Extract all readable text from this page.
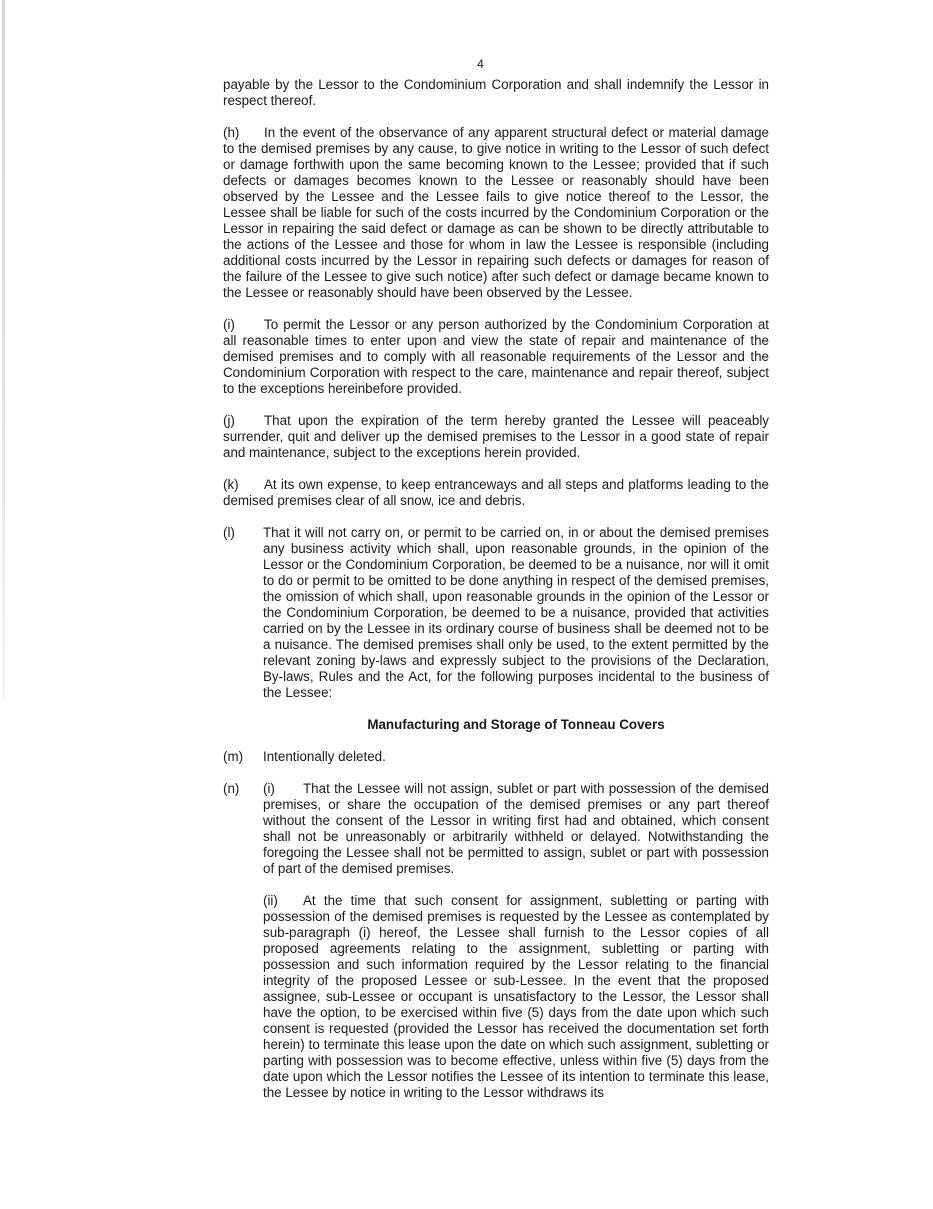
4

payable by the Lessor to the Condominium Corporation and shall indemnify the Lessor in respect thereof.

(h) In the event of the observance of any apparent structural defect or material damage to the demised premises by any cause, to give notice in writing to the Lessor of such defect or damage forthwith upon the same becoming known to the Lessee; provided that if such defects or damages becomes known to the Lessee or reasonably should have been observed by the Lessee and the Lessee fails to give notice thereof to the Lessor, the Lessee shall be liable for such of the costs incurred by the Condominium Corporation or the Lessor in repairing the said defect or damage as can be shown to be directly attributable to the actions of the Lessee and those for whom in law the Lessee is responsible (including additional costs incurred by the Lessor in repairing such defects or damages for reason of the failure of the Lessee to give such notice) after such defect or damage became known to the Lessee or reasonably should have been observed by the Lessee.

(i) To permit the Lessor or any person authorized by the Condominium Corporation at all reasonable times to enter upon and view the state of repair and maintenance of the demised premises and to comply with all reasonable requirements of the Lessor and the Condominium Corporation with respect to the care, maintenance and repair thereof, subject to the exceptions hereinbefore provided.

(j) That upon the expiration of the term hereby granted the Lessee will peaceably surrender, quit and deliver up the demised premises to the Lessor in a good state of repair and maintenance, subject to the exceptions herein provided.

(k) At its own expense, to keep entranceways and all steps and platforms leading to the demised premises clear of all snow, ice and debris.

(l)	That it will not carry on, or permit to be carried on, in or about the demised premises any business activity which shall, upon reasonable grounds, in the opinion of the Lessor or the Condominium Corporation, be deemed to be a nuisance, nor will it omit to do or permit to be omitted to be done anything in respect of the demised premises, the omission of which shall, upon reasonable grounds in the opinion of the Lessor or the Condominium Corporation, be deemed to be a nuisance, provided that activities carried on by the Lessee in its ordinary course of business shall be deemed not to be a nuisance. The demised premises shall only be used, to the extent permitted by the relevant zoning by-laws and expressly subject to the provisions of the Declaration, By-laws, Rules and the Act, for the following purposes incidental to the business of the Lessee:
Manufacturing and Storage of Tonneau Covers
(m)	Intentionally deleted.
(n)	(i) That the Lessee will not assign, sublet or part with possession of the demised premises, or share the occupation of the demised premises or any part thereof without the consent of the Lessor in writing first had and obtained, which consent shall not be unreasonably or arbitrarily withheld or delayed. Notwithstanding the foregoing the Lessee shall not be permitted to assign, sublet or part with possession of part of the demised premises.

(ii) At the time that such consent for assignment, subletting or parting with possession of the demised premises is requested by the Lessee as contemplated by sub-paragraph (i) hereof, the Lessee shall furnish to the Lessor copies of all proposed agreements relating to the assignment, subletting or parting with possession and such information required by the Lessor relating to the financial integrity of the proposed Lessee or sub-Lessee. In the event that the proposed assignee, sub-Lessee or occupant is unsatisfactory to the Lessor, the Lessor shall have the option, to be exercised within five (5) days from the date upon which such consent is requested (provided the Lessor has received the documentation set forth herein) to terminate this lease upon the date on which such assignment, subletting or parting with possession was to become effective, unless within five (5) days from the date upon which the Lessor notifies the Lessee of its intention to terminate this lease, the Lessee by notice in writing to the Lessor withdraws its
